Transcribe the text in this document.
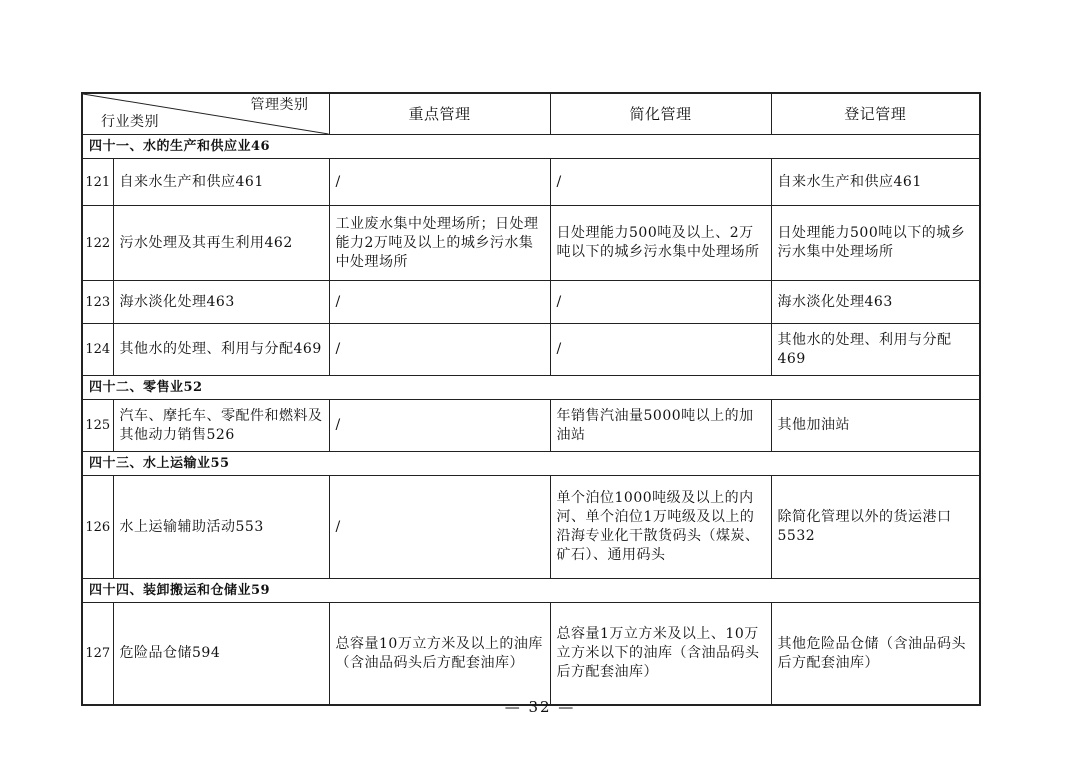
管理类别
行业类别		重点管理	简化管理	登记管理
四十一、水的生产和供应业46				
121	自来水生产和供应461	/	/	自来水生产和供应461
122	污水处理及其再生利用462	工业废水集中处理场所；日处理能力2万吨及以上的城乡污水集中处理场所	日处理能力500吨及以上、2万吨以下的城乡污水集中处理场所	日处理能力500吨以下的城乡污水集中处理场所
123	海水淡化处理463	/	/	海水淡化处理463
124	其他水的处理、利用与分配469	/	/	其他水的处理、利用与分配469
四十二、零售业52				
125	汽车、摩托车、零配件和燃料及其他动力销售526	/	年销售汽油量5000吨以上的加油站	其他加油站
四十三、水上运输业55				
126	水上运输辅助活动553	/	单个泊位1000吨级及以上的内河、单个泊位1万吨级及以上的沿海专业化干散货码头（煤炭、矿石）、通用码头	除简化管理以外的货运港口5532
四十四、装卸搬运和仓储业59				
127	危险品仓储594	总容量10万立方米及以上的油库（含油品码头后方配套油库）	总容量1万立方米及以上、10万立方米以下的油库（含油品码头后方配套油库）	其他危险品仓储（含油品码头后方配套油库）
— 32 —
